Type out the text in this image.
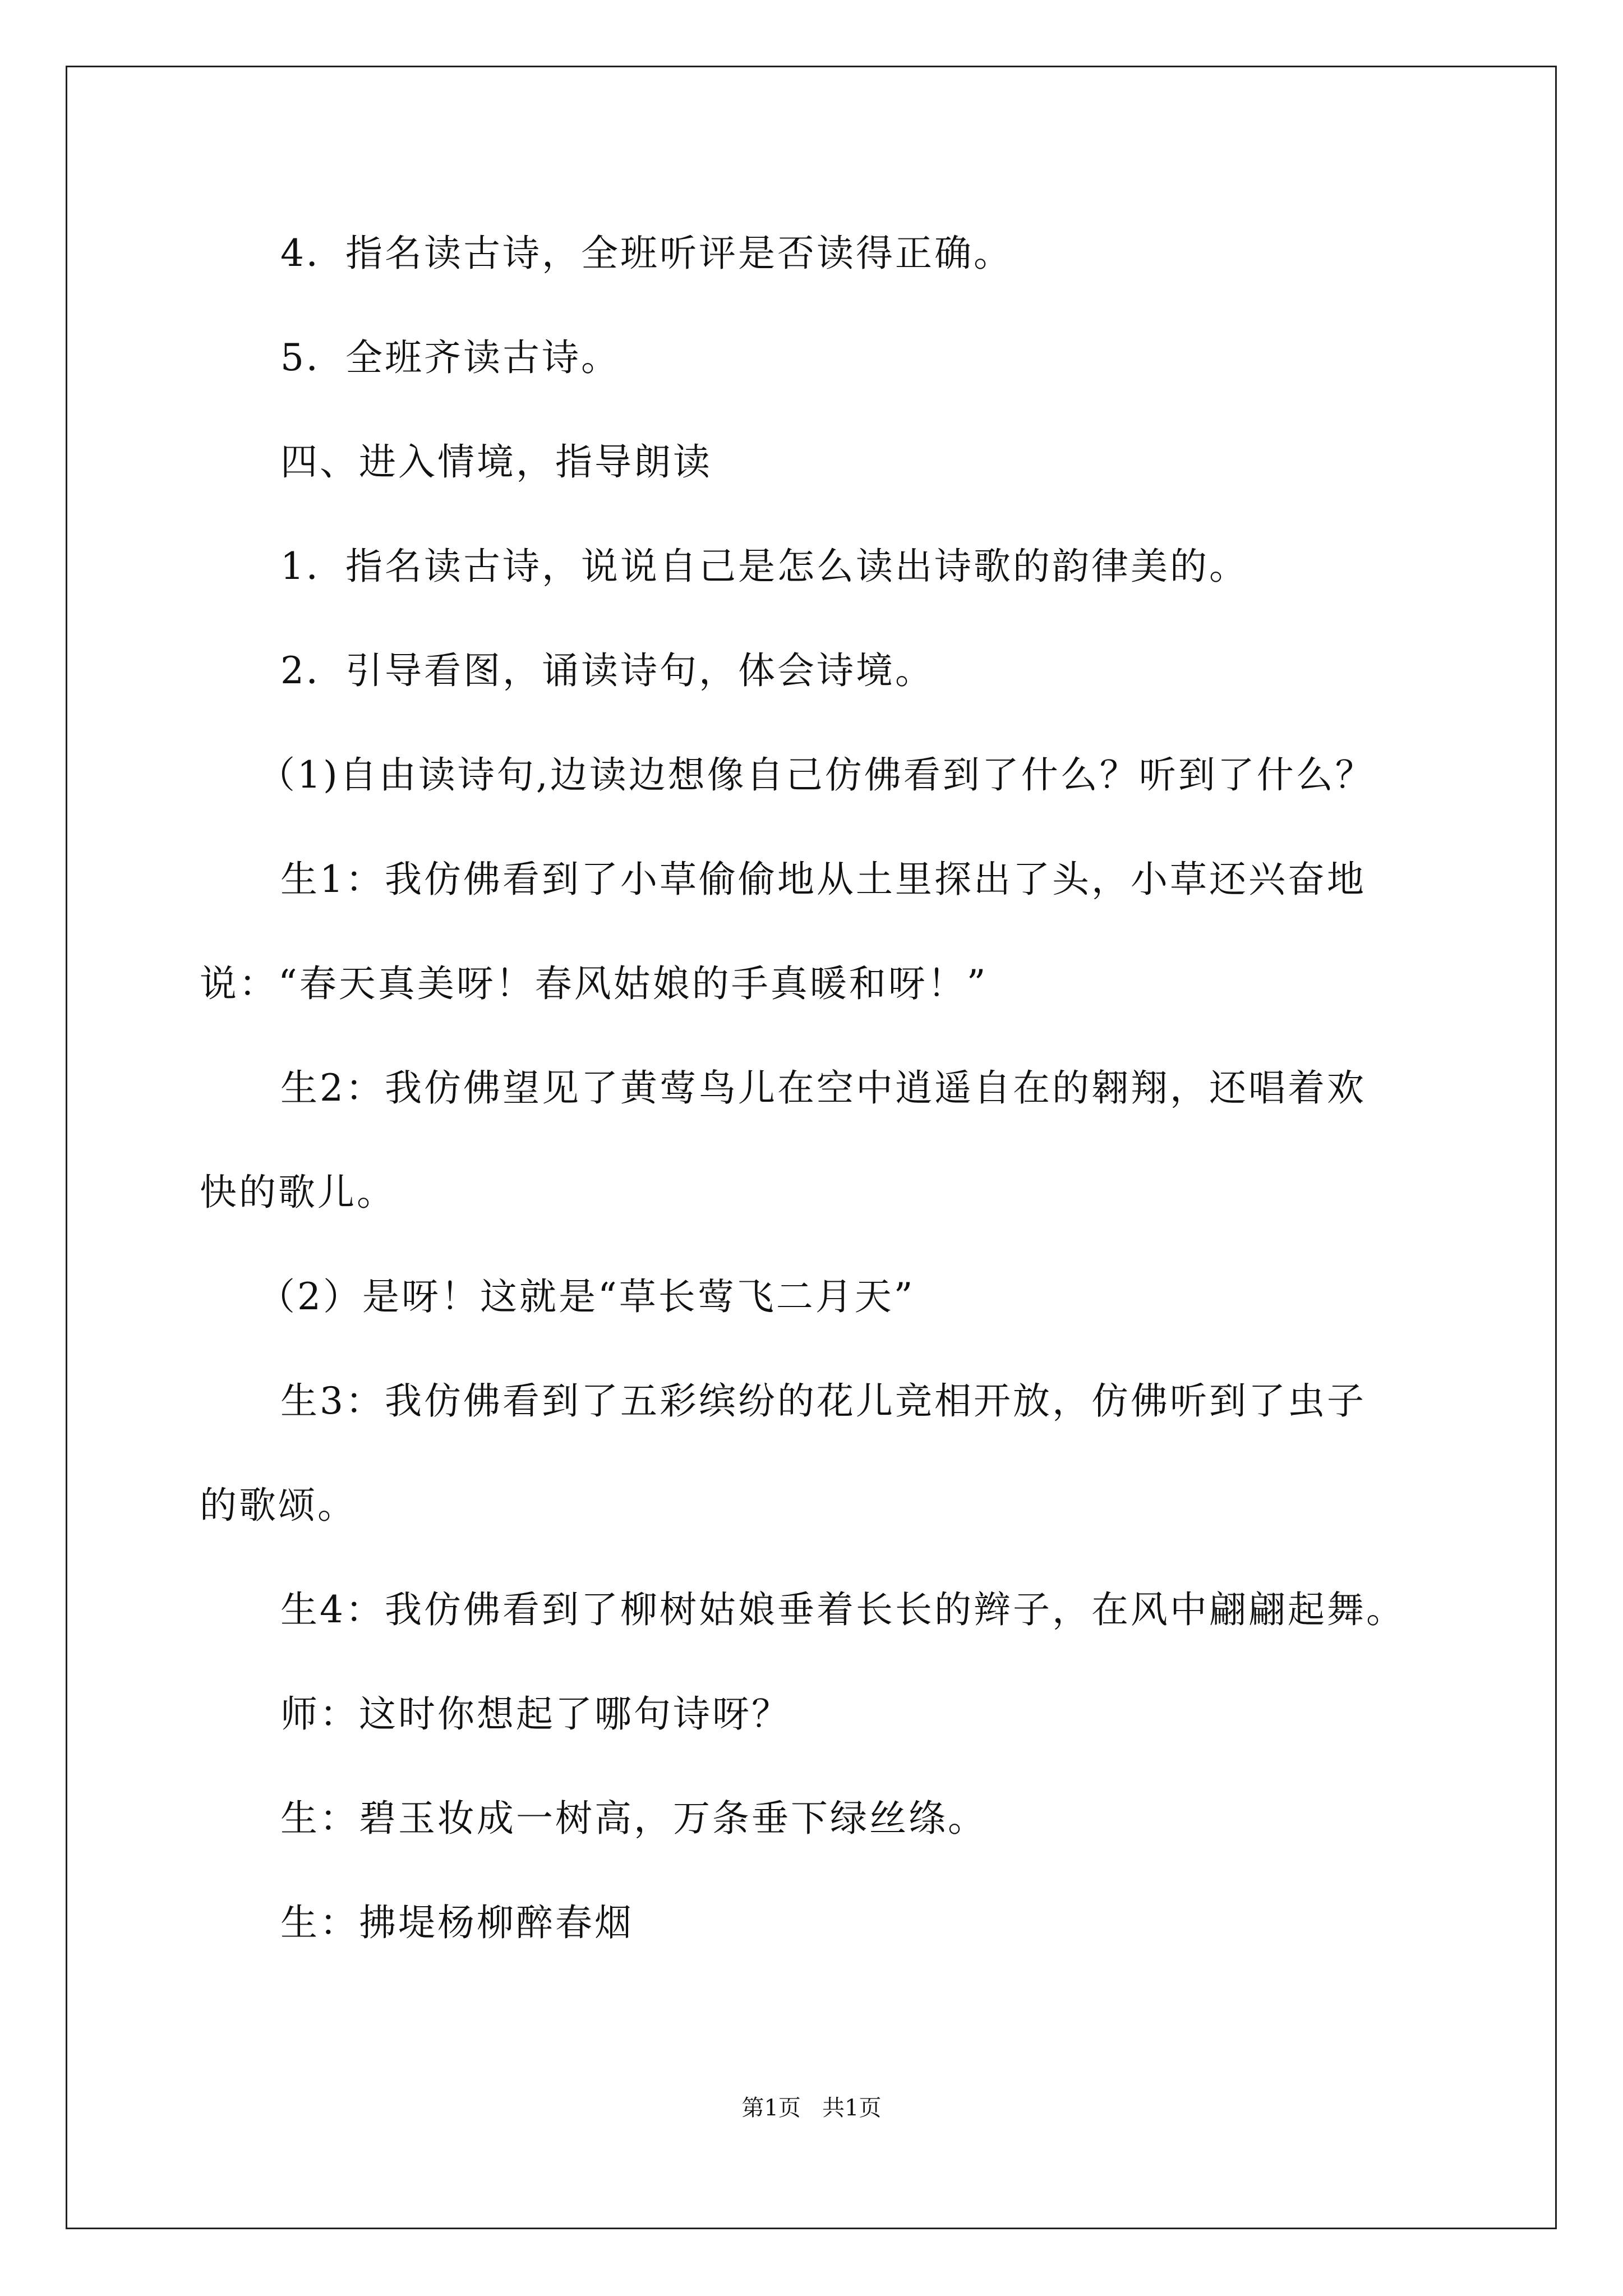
4．指名读古诗，全班听评是否读得正确。

5．全班齐读古诗。

四、进入情境，指导朗读

1．指名读古诗，说说自己是怎么读出诗歌的韵律美的。

2．引导看图，诵读诗句，体会诗境。

（1)自由读诗句,边读边想像自己仿佛看到了什么？听到了什么？

生1：我仿佛看到了小草偷偷地从土里探出了头，小草还兴奋地

说：“春天真美呀！春风姑娘的手真暖和呀！”

生2：我仿佛望见了黄莺鸟儿在空中逍遥自在的翱翔，还唱着欢

快的歌儿。

（2）是呀！这就是“草长莺飞二月天”

生3：我仿佛看到了五彩缤纷的花儿竞相开放，仿佛听到了虫子

的歌颂。

生4：我仿佛看到了柳树姑娘垂着长长的辫子，在风中翩翩起舞。

师：这时你想起了哪句诗呀？

生：碧玉妆成一树高，万条垂下绿丝绦。

生：拂堤杨柳醉春烟

第1页   共1页
